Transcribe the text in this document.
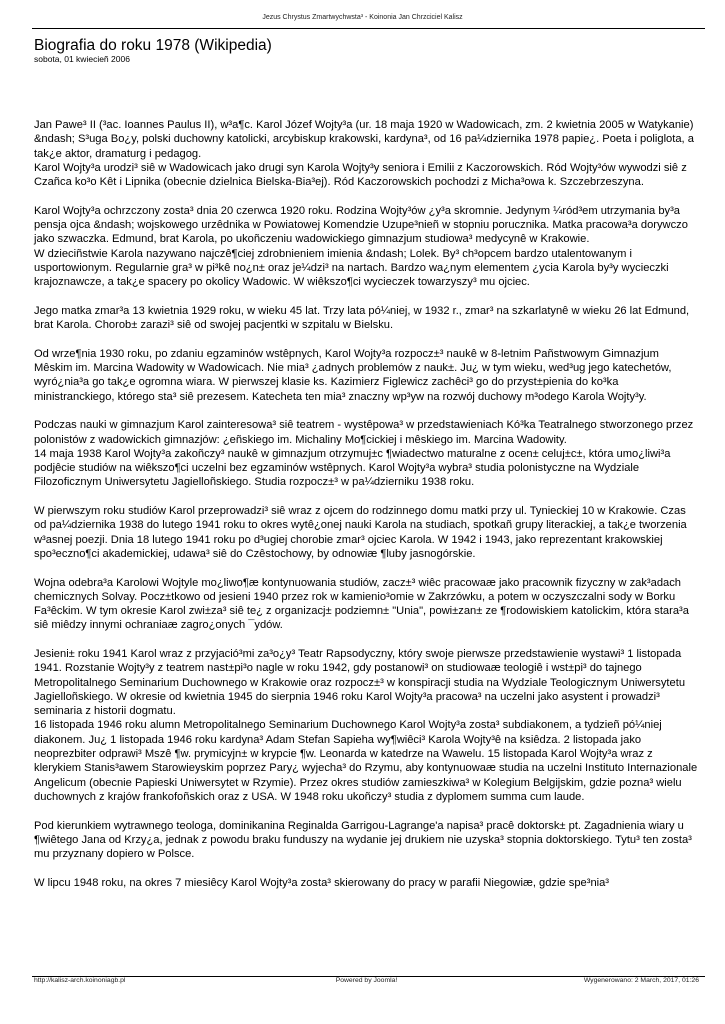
Jezus Chrystus Zmartwychwsta³ - Koinonia Jan Chrzciciel Kalisz
Biografia do roku 1978 (Wikipedia)
sobota, 01 kwiecieñ 2006

Jan Pawe³ II (³ac. Ioannes Paulus II), w³a¶c. Karol Józef Wojty³a (ur. 18 maja 1920 w Wadowicach, zm. 2 kwietnia 2005 w Watykanie) &ndash; S³uga Bo¿y, polski duchowny katolicki, arcybiskup krakowski, kardyna³, od 16 pa¼dziernika 1978 papie¿. Poeta i poliglota, a tak¿e aktor, dramaturg i pedagog.

Karol Wojty³a urodzi³ siê w Wadowicach jako drugi syn Karola Wojty³y seniora i Emilii z Kaczorowskich. Ród Wojty³ów wywodzi siê z Czañca ko³o Kêt i Lipnika (obecnie dzielnica Bielska-Bia³ej). Ród Kaczorowskich pochodzi z Micha³owa k. Szczebrzeszyna.

Karol Wojty³a ochrzczony zosta³ dnia 20 czerwca 1920 roku. Rodzina Wojty³ów ¿y³a skromnie. Jedynym ¼ród³em utrzymania by³a pensja ojca &ndash; wojskowego urzêdnika w Powiatowej Komendzie Uzupe³nieñ w stopniu porucznika. Matka pracowa³a dorywczo jako szwaczka. Edmund, brat Karola, po ukoñczeniu wadowickiego gimnazjum studiowa³ medycynê w Krakowie.

W dzieciñstwie Karola nazywano najczê¶ciej zdrobnieniem imienia &ndash; Lolek. By³ ch³opcem bardzo utalentowanym i usportowionym. Regularnie gra³ w pi³kê no¿n± oraz je¼dzi³ na nartach. Bardzo wa¿nym elementem ¿ycia Karola by³y wycieczki krajoznawcze, a tak¿e spacery po okolicy Wadowic. W wiêkszo¶ci wycieczek towarzyszy³ mu ojciec.

Jego matka zmar³a 13 kwietnia 1929 roku, w wieku 45 lat. Trzy lata pó¼niej, w 1932 r., zmar³ na szkarlatynê w wieku 26 lat Edmund, brat Karola. Chorob± zarazi³ siê od swojej pacjentki w szpitalu w Bielsku.

Od wrze¶nia 1930 roku, po zdaniu egzaminów wstêpnych, Karol Wojty³a rozpocz±³ naukê w 8-letnim Pañstwowym Gimnazjum Mêskim im. Marcina Wadowity w Wadowicach. Nie mia³ ¿adnych problemów z nauk±. Ju¿ w tym wieku, wed³ug jego katechetów, wyró¿nia³a go tak¿e ogromna wiara. W pierwszej klasie ks. Kazimierz Figlewicz zachêci³ go do przyst±pienia do ko³ka ministranckiego, którego sta³ siê prezesem. Katecheta ten mia³ znaczny wp³yw na rozwój duchowy m³odego Karola Wojty³y.

Podczas nauki w gimnazjum Karol zainteresowa³ siê teatrem - wystêpowa³ w przedstawieniach Kó³ka Teatralnego stworzonego przez polonistów z wadowickich gimnazjów: ¿eñskiego im. Michaliny Mo¶cickiej i mêskiego im. Marcina Wadowity.

14 maja 1938 Karol Wojty³a zakoñczy³ naukê w gimnazjum otrzymuj±c ¶wiadectwo maturalne z ocen± celuj±c±, która umo¿liwi³a podjêcie studiów na wiêkszo¶ci uczelni bez egzaminów wstêpnych. Karol Wojty³a wybra³ studia polonistyczne na Wydziale Filozoficznym Uniwersytetu Jagielloñskiego. Studia rozpocz±³ w pa¼dzierniku 1938 roku.

W pierwszym roku studiów Karol przeprowadzi³ siê wraz z ojcem do rodzinnego domu matki przy ul. Tynieckiej 10 w Krakowie. Czas od pa¼dziernika 1938 do lutego 1941 roku to okres wytê¿onej nauki Karola na studiach, spotkañ grupy literackiej, a tak¿e tworzenia w³asnej poezji. Dnia 18 lutego 1941 roku po d³ugiej chorobie zmar³ ojciec Karola. W 1942 i 1943, jako reprezentant krakowskiej spo³eczno¶ci akademickiej, udawa³ siê do Czêstochowy, by odnowiæ ¶luby jasnogórskie.

Wojna odebra³a Karolowi Wojtyle mo¿liwo¶æ kontynuowania studiów, zacz±³ wiêc pracowaæ jako pracownik fizyczny w zak³adach chemicznych Solvay. Pocz±tkowo od jesieni 1940 przez rok w kamienio³omie w Zakrzówku, a potem w oczyszczalni sody w Borku Fa³êckim. W tym okresie Karol zwi±za³ siê te¿ z organizacj± podziemn± "Unia", powi±zan± ze ¶rodowiskiem katolickim, która stara³a siê miêdzy innymi ochraniaæ zagro¿onych ¯ydów.

Jesieni± roku 1941 Karol wraz z przyjació³mi za³o¿y³ Teatr Rapsodyczny, który swoje pierwsze przedstawienie wystawi³ 1 listopada 1941. Rozstanie Wojty³y z teatrem nast±pi³o nagle w roku 1942, gdy postanowi³ on studiowaæ teologiê i wst±pi³ do tajnego Metropolitalnego Seminarium Duchownego w Krakowie oraz rozpocz±³ w konspiracji studia na Wydziale Teologicznym Uniwersytetu Jagielloñskiego. W okresie od kwietnia 1945 do sierpnia 1946 roku Karol Wojty³a pracowa³ na uczelni jako asystent i prowadzi³ seminaria z historii dogmatu.

16 listopada 1946 roku alumn Metropolitalnego Seminarium Duchownego Karol Wojty³a zosta³ subdiakonem, a tydzieñ pó¼niej diakonem. Ju¿ 1 listopada 1946 roku kardyna³ Adam Stefan Sapieha wy¶wiêci³ Karola Wojty³ê na ksiêdza. 2 listopada jako neoprezbiter odprawi³ Mszê ¶w. prymicyjn± w krypcie ¶w. Leonarda w katedrze na Wawelu. 15 listopada Karol Wojty³a wraz z klerykiem Stanis³awem Starowieyskim poprzez Pary¿ wyjecha³ do Rzymu, aby kontynuowaæ studia na uczelni Instituto Internazionale Angelicum (obecnie Papieski Uniwersytet w Rzymie). Przez okres studiów zamieszkiwa³ w Kolegium Belgijskim, gdzie pozna³ wielu duchownych z krajów frankofoñskich oraz z USA. W 1948 roku ukoñczy³ studia z dyplomem summa cum laude.

Pod kierunkiem wytrawnego teologa, dominikanina Reginalda Garrigou-Lagrange'a napisa³ pracê doktorsk± pt. Zagadnienia wiary u ¶wiêtego Jana od Krzy¿a, jednak z powodu braku funduszy na wydanie jej drukiem nie uzyska³ stopnia doktorskiego. Tytu³ ten zosta³ mu przyznany dopiero w Polsce.

W lipcu 1948 roku, na okres 7 miesiêcy Karol Wojty³a zosta³ skierowany do pracy w parafii Niegowiæ, gdzie spe³nia³

http://kalisz-arch.koinoniagb.pl	Powered by Joomla!	Wygenerowano: 2 March, 2017, 01:26
